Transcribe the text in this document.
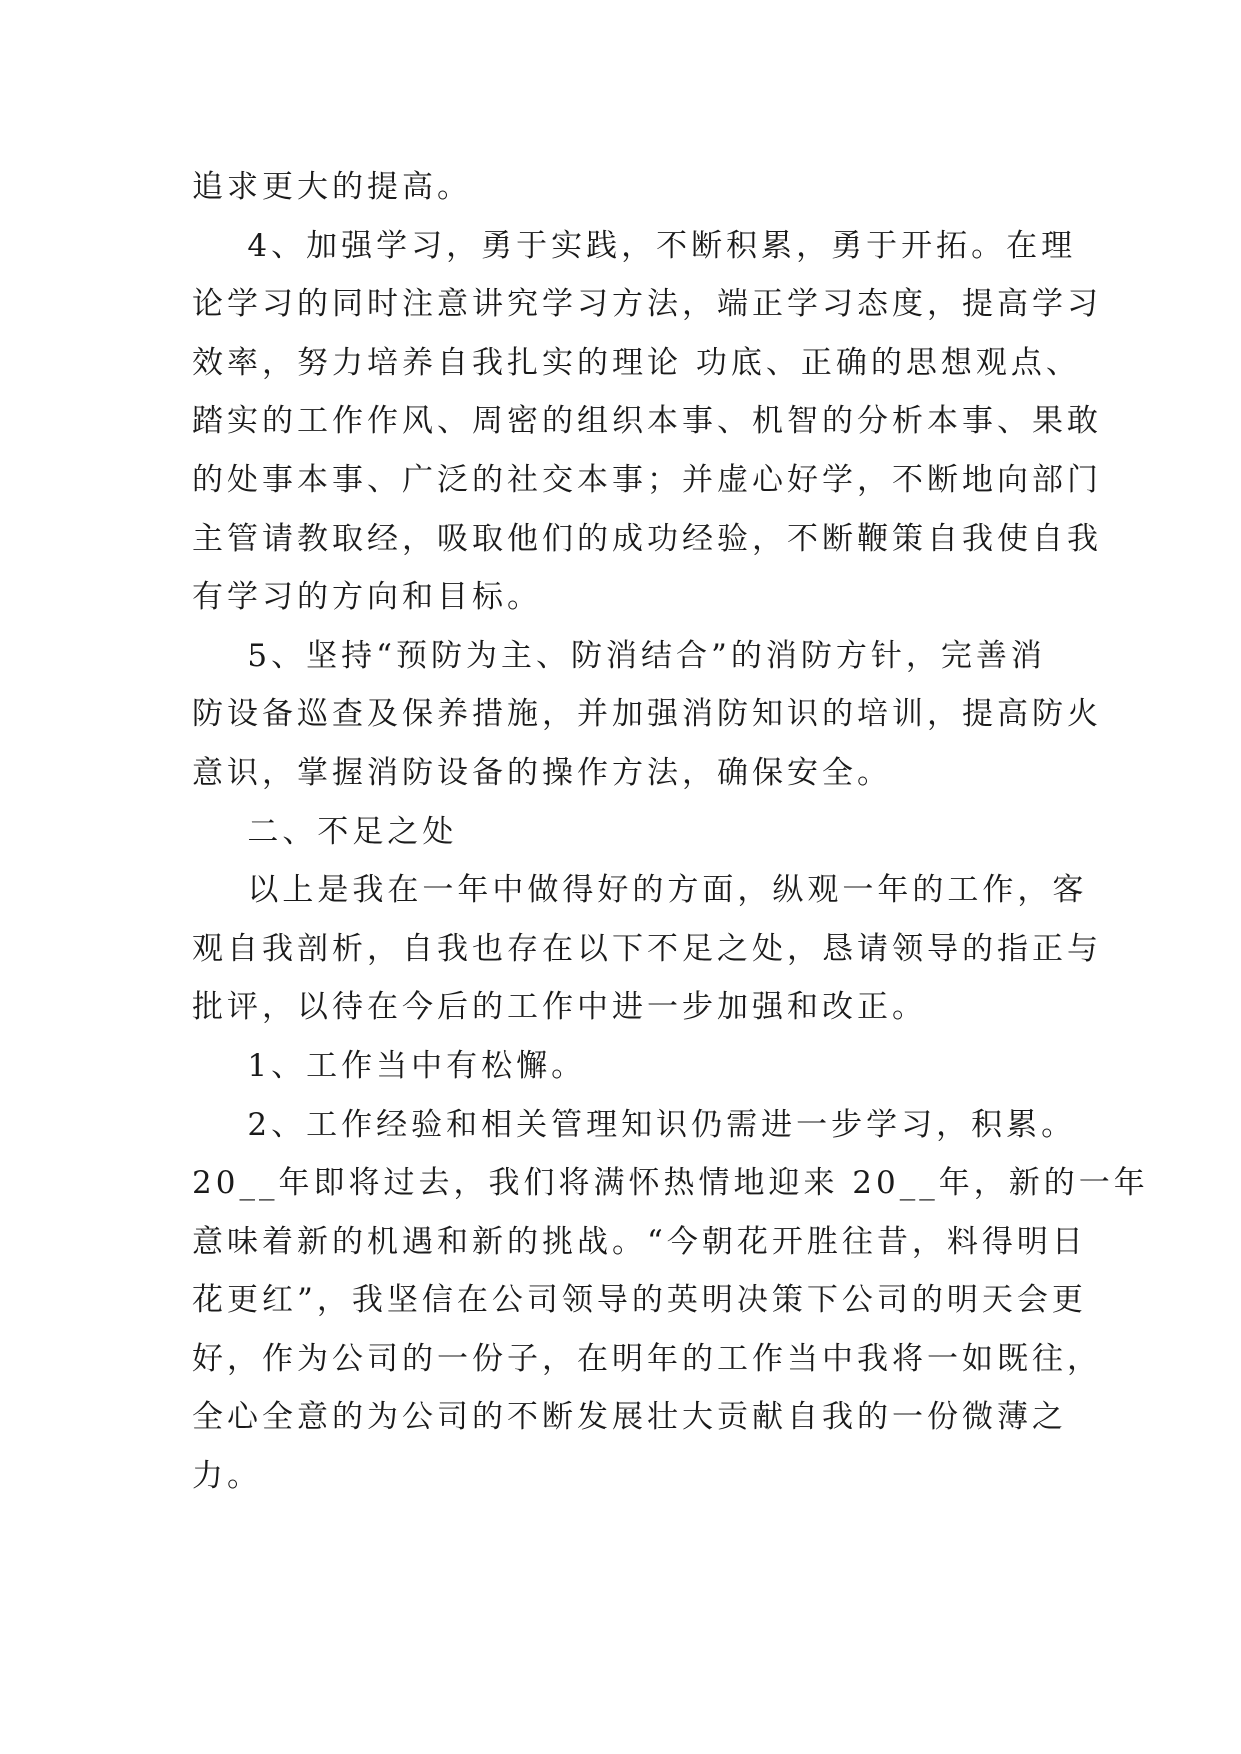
追求更大的提高。
4、加强学习，勇于实践，不断积累，勇于开拓。在理
论学习的同时注意讲究学习方法，端正学习态度，提高学习
效率，努力培养自我扎实的理论 功底、正确的思想观点、
踏实的工作作风、周密的组织本事、机智的分析本事、果敢
的处事本事、广泛的社交本事；并虚心好学，不断地向部门
主管请教取经，吸取他们的成功经验，不断鞭策自我使自我
有学习的方向和目标。
5、坚持“预防为主、防消结合”的消防方针，完善消
防设备巡查及保养措施，并加强消防知识的培训，提高防火
意识，掌握消防设备的操作方法，确保安全。
二、不足之处
以上是我在一年中做得好的方面，纵观一年的工作，客
观自我剖析，自我也存在以下不足之处，恳请领导的指正与
批评，以待在今后的工作中进一步加强和改正。
1、工作当中有松懈。
2、工作经验和相关管理知识仍需进一步学习，积累。
20__年即将过去，我们将满怀热情地迎来 20__年，新的一年
意味着新的机遇和新的挑战。“今朝花开胜往昔，料得明日
花更红”，我坚信在公司领导的英明决策下公司的明天会更
好，作为公司的一份子，在明年的工作当中我将一如既往，
全心全意的为公司的不断发展壮大贡献自我的一份微薄之
力。
